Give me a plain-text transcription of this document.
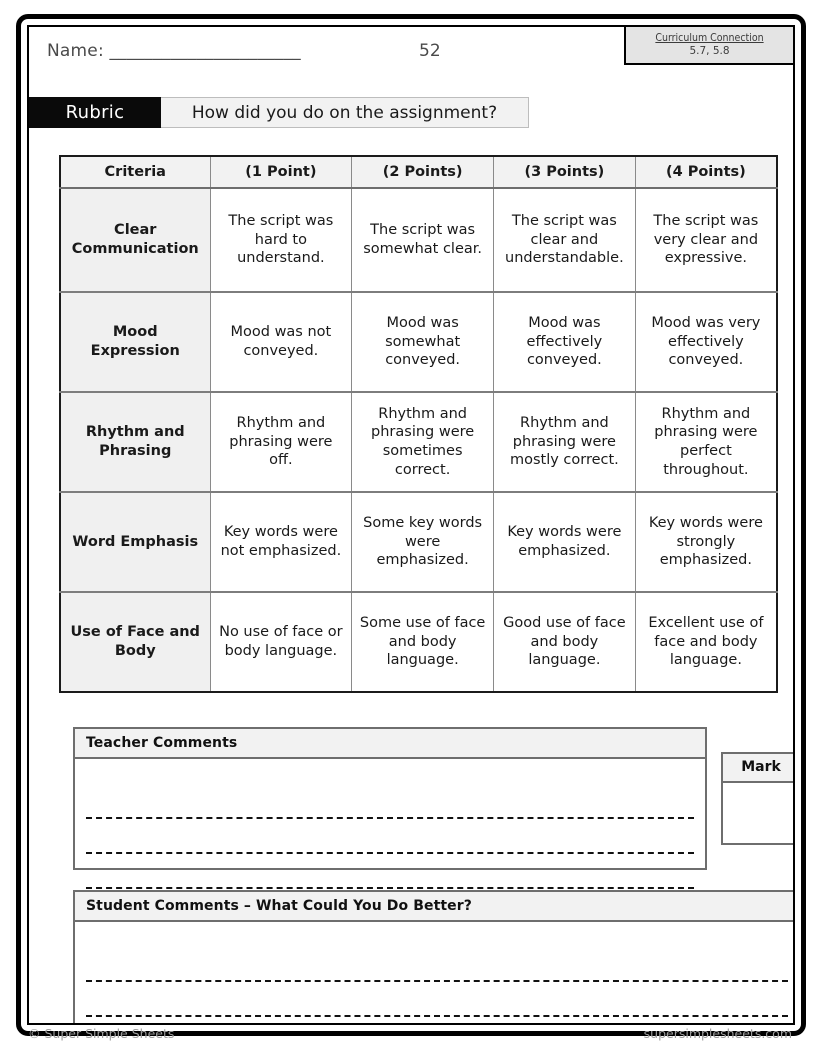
Name: ______________________	52
Curriculum Connection
5.7, 5.8
Rubric	How did you do on the assignment?
Criteria	(1 Point)	(2 Points)	(3 Points)	(4 Points)
Clear Communication	The script was hard to understand.	The script was somewhat clear.	The script was clear and understandable.	The script was very clear and expressive.
Mood Expression	Mood was not conveyed.	Mood was somewhat conveyed.	Mood was effectively conveyed.	Mood was very effectively conveyed.
Rhythm and Phrasing	Rhythm and phrasing were off.	Rhythm and phrasing were sometimes correct.	Rhythm and phrasing were mostly correct.	Rhythm and phrasing were perfect throughout.
Word Emphasis	Key words were not emphasized.	Some key words were emphasized.	Key words were emphasized.	Key words were strongly emphasized.
Use of Face and Body	No use of face or body language.	Some use of face and body language.	Good use of face and body language.	Excellent use of face and body language.
Teacher Comments
Mark
Student Comments – What Could You Do Better?
© Super Simple Sheets	supersimplesheets.com
